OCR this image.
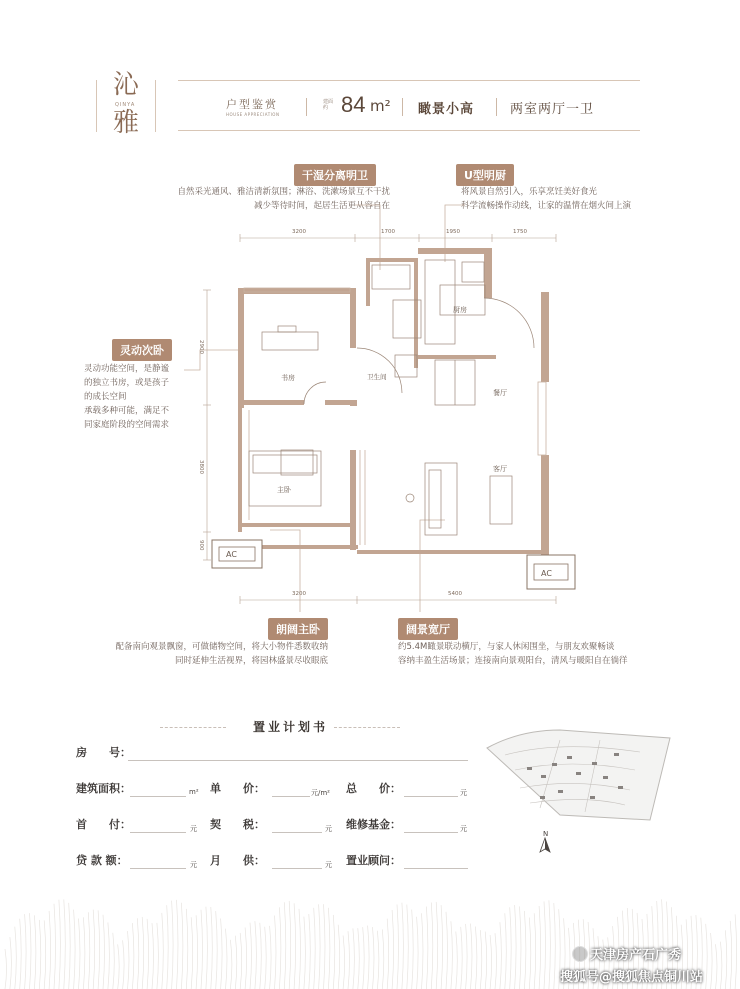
沁
QINYA
雅
户型鉴赏
HOUSE APPRECIATION
建面约 84 m² 瞰景小高	两室两厅一卫
干湿分离明卫
自然采光通风、雅洁清新氛围；淋浴、洗漱场景互不干扰
减少等待时间，起居生活更从容自在
U型明厨
将风景自然引入，乐享烹饪美好食光
科学流畅操作动线，让家的温情在烟火间上演
灵动次卧
灵动功能空间，是静谧
的独立书房，或是孩子
的成长空间
承载多种可能，满足不
同家庭阶段的空间需求
朗阔主卧
配备南向观景飘窗，可做储物空间，将大小物件悉数收纳
同时延伸生活视界，将园林盛景尽收眼底
阔景宽厅
约5.4M瞰景联动横厅，与家人休闲围坐，与朋友欢聚畅谈
容纳丰盈生活场景；连接南向景观阳台，清风与暖阳自在徜徉
书房
主卧
卫生间
厨房
餐厅
客厅
AC
AC
3200	1700	1950	1750
2900
3800
900
3200	5400
置业计划书
房　　号：
建筑面积：	m² 单　　价：	元/m² 总　　价：	元
首　　付：	元 契　　税：	元 维修基金：	元
贷 款 额：	元 月　　供：	元 置业顾问：
N
天津房产石广秀
搜狐号@搜狐焦点铜川站
